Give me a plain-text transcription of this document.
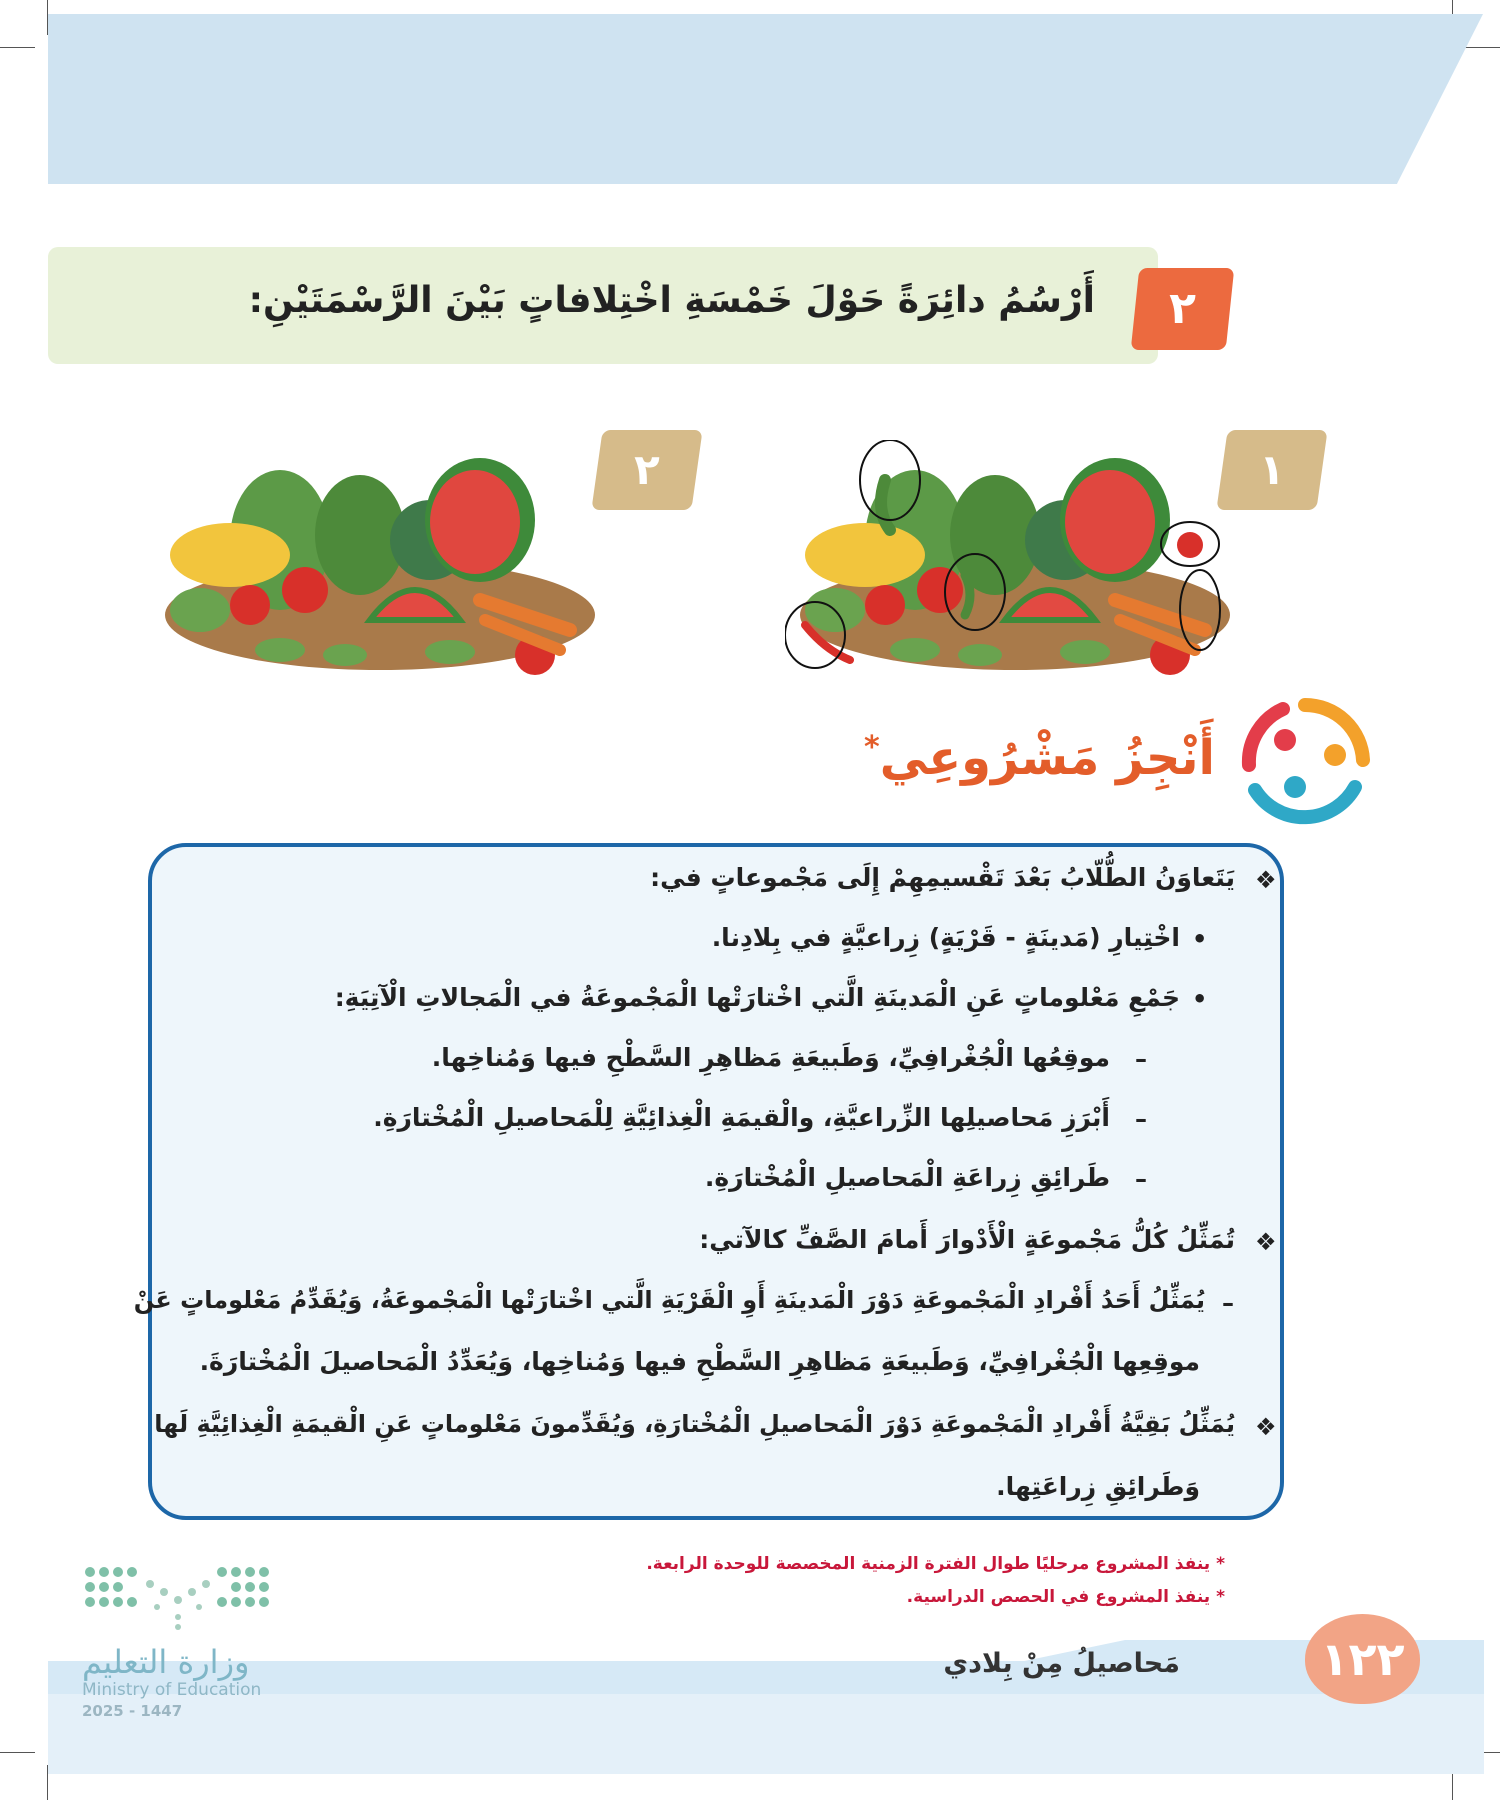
٢
أَرْسُمُ دائِرَةً حَوْلَ خَمْسَةِ اخْتِلافاتٍ بَيْنَ الرَّسْمَتَيْنِ:
١
٢
أَنْجِزُ مَشْرُوعِي*
❖
يَتَعاوَنُ الطُّلّابُ بَعْدَ تَقْسيمِهِمْ إِلَى مَجْموعاتٍ في:
•
اخْتِيارِ (مَدينَةٍ - قَرْيَةٍ) زِراعيَّةٍ في بِلادِنا.
•
جَمْعِ مَعْلوماتٍ عَنِ الْمَدينَةِ الَّتي اخْتارَتْها الْمَجْموعَةُ في الْمَجالاتِ الْآتِيَةِ:
–
موقِعُها الْجُغْرافِيِّ، وَطَبيعَةِ مَظاهِرِ السَّطْحِ فيها وَمُناخِها.
–
أَبْرَزِ مَحاصيلِها الزِّراعيَّةِ، والْقيمَةِ الْغِذائِيَّةِ لِلْمَحاصيلِ الْمُخْتارَةِ.
–
طَرائِقِ زِراعَةِ الْمَحاصيلِ الْمُخْتارَةِ.
❖
تُمَثِّلُ كُلُّ مَجْموعَةٍ الْأَدْوارَ أَمامَ الصَّفِّ كالآتي:
–
يُمَثِّلُ أَحَدُ أَفْرادِ الْمَجْموعَةِ دَوْرَ الْمَدينَةِ أَوِ الْقَرْيَةِ الَّتي اخْتارَتْها الْمَجْموعَةُ، وَيُقَدِّمُ مَعْلوماتٍ عَنْ
موقِعِها الْجُغْرافِيِّ، وَطَبيعَةِ مَظاهِرِ السَّطْحِ فيها وَمُناخِها، وَيُعَدِّدُ الْمَحاصيلَ الْمُخْتارَةَ.
❖
يُمَثِّلُ بَقِيَّةُ أَفْرادِ الْمَجْموعَةِ دَوْرَ الْمَحاصيلِ الْمُخْتارَةِ، وَيُقَدِّمونَ مَعْلوماتٍ عَنِ الْقيمَةِ الْغِذائِيَّةِ لَها
وَطَرائِقِ زِراعَتِها.
* ينفذ المشروع مرحليًا طوال الفترة الزمنية المخصصة للوحدة الرابعة.
* ينفذ المشروع في الحصص الدراسية.
١٢٢
مَحاصيلُ مِنْ بِلادي
وزارة التعليم
Ministry of Education
2025 - 1447
